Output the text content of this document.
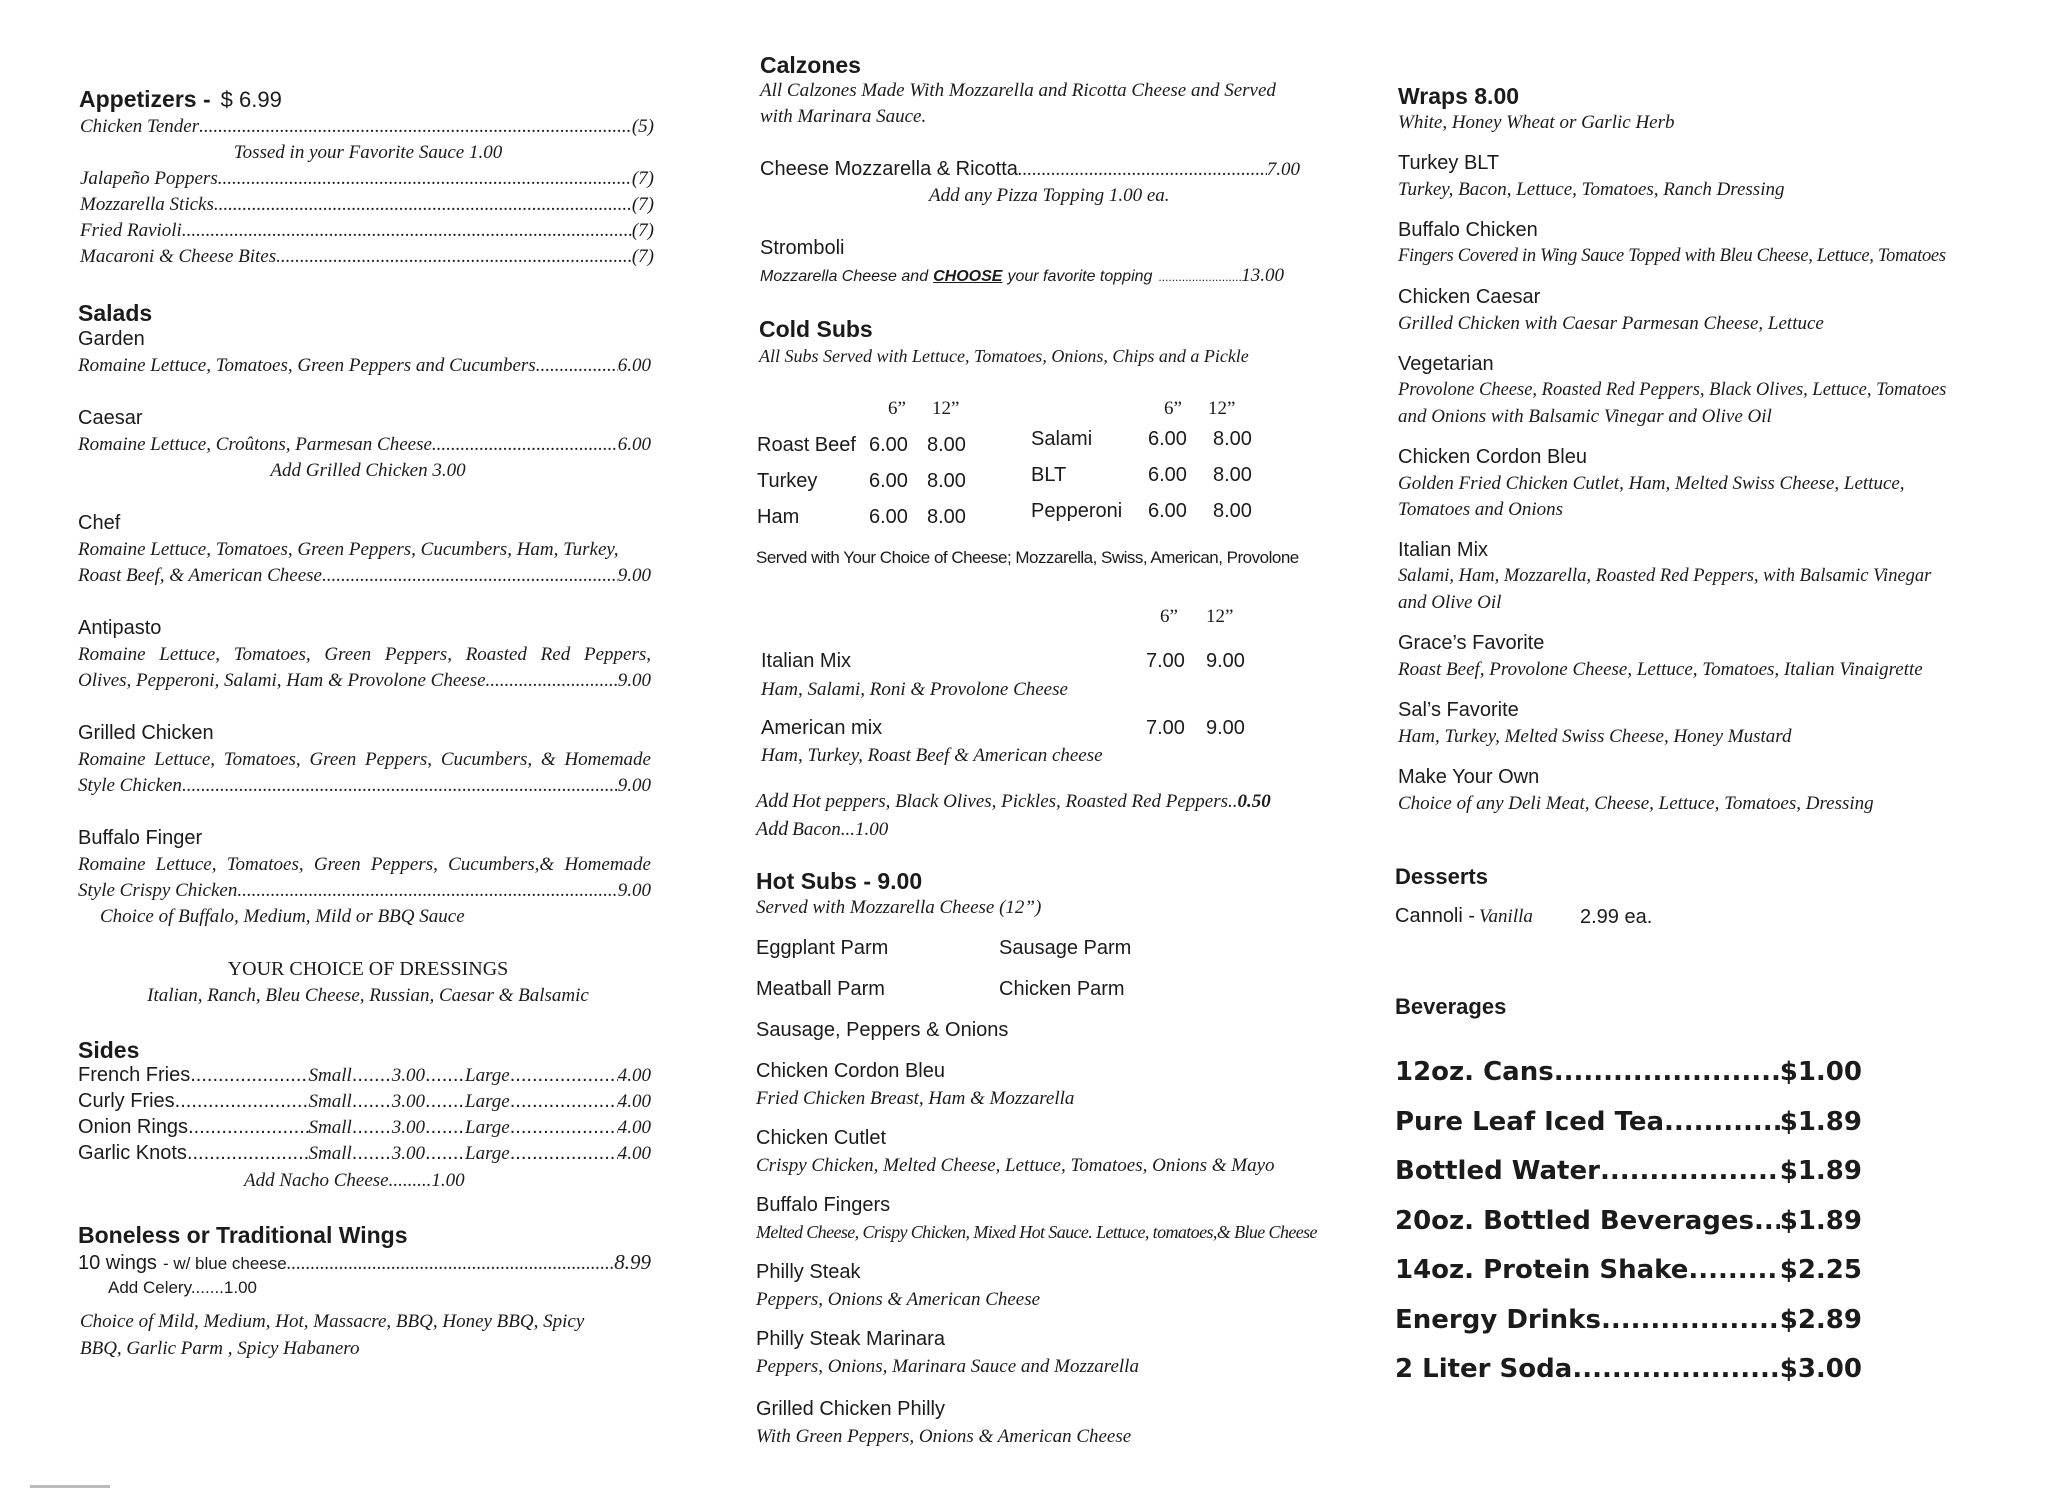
Appetizers - $ 6.99
Chicken Tender .....	(5)
Tossed in your Favorite Sauce 1.00
Jalapeño Poppers .....	(7)
Mozzarella Sticks .....	(7)
Fried Ravioli .....	(7)
Macaroni & Cheese Bites .....	(7)
Salads
Garden
Romaine Lettuce, Tomatoes, Green Peppers and Cucumbers .....	6.00
Caesar
Romaine Lettuce, Croûtons, Parmesan Cheese .....	6.00
Add Grilled Chicken 3.00
Chef
Romaine Lettuce, Tomatoes, Green Peppers, Cucumbers, Ham, Turkey,
Roast Beef, & American Cheese .....	9.00
Antipasto
Romaine Lettuce, Tomatoes, Green Peppers, Roasted Red Peppers,
Olives, Pepperoni, Salami, Ham & Provolone Cheese .....	9.00
Grilled Chicken
Romaine Lettuce, Tomatoes, Green Peppers, Cucumbers, & Homemade
Style Chicken .....	9.00
Buffalo Finger
Romaine Lettuce, Tomatoes, Green Peppers, Cucumbers,& Homemade
Style Crispy Chicken .....	9.00
Choice of Buffalo, Medium, Mild or BBQ Sauce
YOUR CHOICE OF DRESSINGS
Italian, Ranch, Bleu Cheese, Russian, Caesar & Balsamic
Sides
French Fries .....	Small ..... 3.00 ..... Large .....	4.00
Curly Fries .....	Small ..... 3.00 ..... Large .....	4.00
Onion Rings .....	Small ..... 3.00 ..... Large .....	4.00
Garlic Knots .....	Small ..... 3.00 ..... Large .....	4.00
Add Nacho Cheese.........1.00
Boneless or Traditional Wings
10 wings - w/ blue cheese .....	8.99
Add Celery.......1.00
Choice of Mild, Medium, Hot, Massacre, BBQ, Honey BBQ, Spicy
BBQ, Garlic Parm , Spicy Habanero
Calzones
All Calzones Made With Mozzarella and Ricotta Cheese and Served
with Marinara Sauce.
Cheese Mozzarella & Ricotta .....	7.00
Add any Pizza Topping 1.00 ea.
Stromboli
Mozzarella Cheese and CHOOSE your favorite topping .....	13.00
Cold Subs
All Subs Served with Lettuce, Tomatoes, Onions, Chips and a Pickle
6” 12”	6” 12”
Roast Beef 6.00 8.00
Turkey	6.00 8.00
Ham	6.00 8.00
Salami	6.00 8.00
BLT	6.00 8.00
Pepperoni 6.00 8.00
Served with Your Choice of Cheese; Mozzarella, Swiss, American, Provolone
6” 12”
Italian Mix	7.00 9.00
Ham, Salami, Roni & Provolone Cheese
American mix	7.00 9.00
Ham, Turkey, Roast Beef & American cheese
Add Hot peppers, Black Olives, Pickles, Roasted Red Peppers..0.50
Add Bacon...1.00
Hot Subs - 9.00
Served with Mozzarella Cheese (12”)
Eggplant Parm	Sausage Parm
Meatball Parm	Chicken Parm
Sausage, Peppers & Onions
Chicken Cordon Bleu
Fried Chicken Breast, Ham & Mozzarella
Chicken Cutlet
Crispy Chicken, Melted Cheese, Lettuce, Tomatoes, Onions & Mayo
Buffalo Fingers
Melted Cheese, Crispy Chicken, Mixed Hot Sauce. Lettuce, tomatoes,& Blue Cheese
Philly Steak
Peppers, Onions & American Cheese
Philly Steak Marinara
Peppers, Onions, Marinara Sauce and Mozzarella
Grilled Chicken Philly
With Green Peppers, Onions & American Cheese
Wraps 8.00
White, Honey Wheat or Garlic Herb
Turkey BLT
Turkey, Bacon, Lettuce, Tomatoes, Ranch Dressing
Buffalo Chicken
Fingers Covered in Wing Sauce Topped with Bleu Cheese, Lettuce, Tomatoes
Chicken Caesar
Grilled Chicken with Caesar Parmesan Cheese, Lettuce
Vegetarian
Provolone Cheese, Roasted Red Peppers, Black Olives, Lettuce, Tomatoes
and Onions with Balsamic Vinegar and Olive Oil
Chicken Cordon Bleu
Golden Fried Chicken Cutlet, Ham, Melted Swiss Cheese, Lettuce,
Tomatoes and Onions
Italian Mix
Salami, Ham, Mozzarella, Roasted Red Peppers, with Balsamic Vinegar
and Olive Oil
Grace’s Favorite
Roast Beef, Provolone Cheese, Lettuce, Tomatoes, Italian Vinaigrette
Sal’s Favorite
Ham, Turkey, Melted Swiss Cheese, Honey Mustard
Make Your Own
Choice of any Deli Meat, Cheese, Lettuce, Tomatoes, Dressing
Desserts
Cannoli - Vanilla 2.99 ea.
Beverages
12oz. Cans .....	$1.00
Pure Leaf Iced Tea .....	$1.89
Bottled Water .....	$1.89
20oz. Bottled Beverages.. ..... $1.89
14oz. Protein Shake .....	$2.25
Energy Drinks .....	$2.89
2 Liter Soda .....	$3.00
